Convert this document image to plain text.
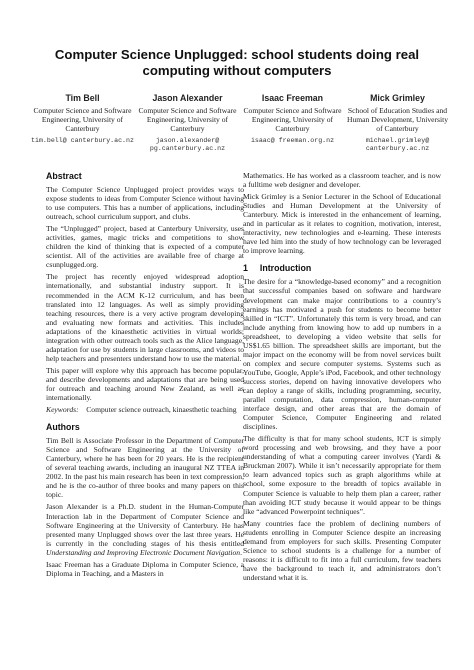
Computer Science Unplugged: school students doing real computing without computers
Tim Bell
Computer Science and Software Engineering, University of Canterbury
tim.bell@ canterbury.ac.nz
Jason Alexander
Computer Science and Software Engineering, University of Canterbury
jason.alexander@ pg.canterbury.ac.nz
Isaac Freeman
Computer Science and Software Engineering, University of Canterbury
isaac@ freeman.org.nz
Mick Grimley
School of Education Studies and Human Development, University of Canterbury
michael.grimley@ canterbury.ac.nz
Abstract

The Computer Science Unplugged project provides ways to expose students to ideas from Computer Science without having to use computers. This has a number of applications, including outreach, school curriculum support, and clubs.

The “Unplugged” project, based at Canterbury University, uses activities, games, magic tricks and competitions to show children the kind of thinking that is expected of a computer scientist. All of the activities are available free of charge at csunplugged.org.

The project has recently enjoyed widespread adoption internationally, and substantial industry support. It is recommended in the ACM K-12 curriculum, and has been translated into 12 languages. As well as simply providing teaching resources, there is a very active program developing and evaluating new formats and activities. This includes adaptations of the kinaesthetic activities in virtual worlds; integration with other outreach tools such as the Alice language, adaptation for use by students in large classrooms, and videos to help teachers and presenters understand how to use the material.

This paper will explore why this approach has become popular, and describe developments and adaptations that are being used for outreach and teaching around New Zealand, as well as internationally.

Keywords: Computer science outreach, kinaesthetic teaching

Authors

Tim Bell is Associate Professor in the Department of Computer Science and Software Engineering at the University of Canterbury, where he has been for 20 years. He is the recipient of several teaching awards, including an inaugural NZ TTEA in 2002. In the past his main research has been in text compression, and he is the co-author of three books and many papers on this topic.

Jason Alexander is a Ph.D. student in the Human-Computer Interaction lab in the Department of Computer Science and Software Engineering at the University of Canterbury. He has presented many Unplugged shows over the last three years. He is currently in the concluding stages of his thesis entitled Understanding and Improving Electronic Document Navigation.

Isaac Freeman has a Graduate Diploma in Computer Science, a Diploma in Teaching, and a Masters in

Mathematics. He has worked as a classroom teacher, and is now a fulltime web designer and developer.

Mick Grimley is a Senior Lecturer in the School of Educational Studies and Human Development at the University of Canterbury. Mick is interested in the enhancement of learning, and in particular as it relates to cognition, motivation, interest, interactivity, new technologies and e-learning. These interests have led him into the study of how technology can be leveraged to improve learning.

1 Introduction

The desire for a “knowledge-based economy” and a recognition that successful companies based on software and hardware development can make major contributions to a country’s earnings has motivated a push for students to become better skilled in “ICT”. Unfortunately this term is very broad, and can include anything from knowing how to add up numbers in a spreadsheet, to developing a video website that sells for US$1.65 billion. The spreadsheet skills are important, but the major impact on the economy will be from novel services built on complex and secure computer systems. Systems such as YouTube, Google, Apple’s iPod, Facebook, and other technology success stories, depend on having innovative developers who can deploy a range of skills, including programming, security, parallel computation, data compression, human-computer interface design, and other areas that are the domain of Computer Science, Computer Engineering and related disciplines.

The difficulty is that for many school students, ICT is simply word processing and web browsing, and they have a poor understanding of what a computing career involves (Yardi & Bruckman 2007). While it isn’t necessarily appropriate for them to learn advanced topics such as graph algorithms while at school, some exposure to the breadth of topics available in Computer Science is valuable to help them plan a career, rather than avoiding ICT study because it would appear to be things like “advanced Powerpoint techniques”.

Many countries face the problem of declining numbers of students enrolling in Computer Science despite an increasing demand from employers for such skills. Presenting Computer Science to school students is a challenge for a number of reasons: it is difficult to fit into a full curriculum, few teachers have the background to teach it, and administrators don’t understand what it is.
